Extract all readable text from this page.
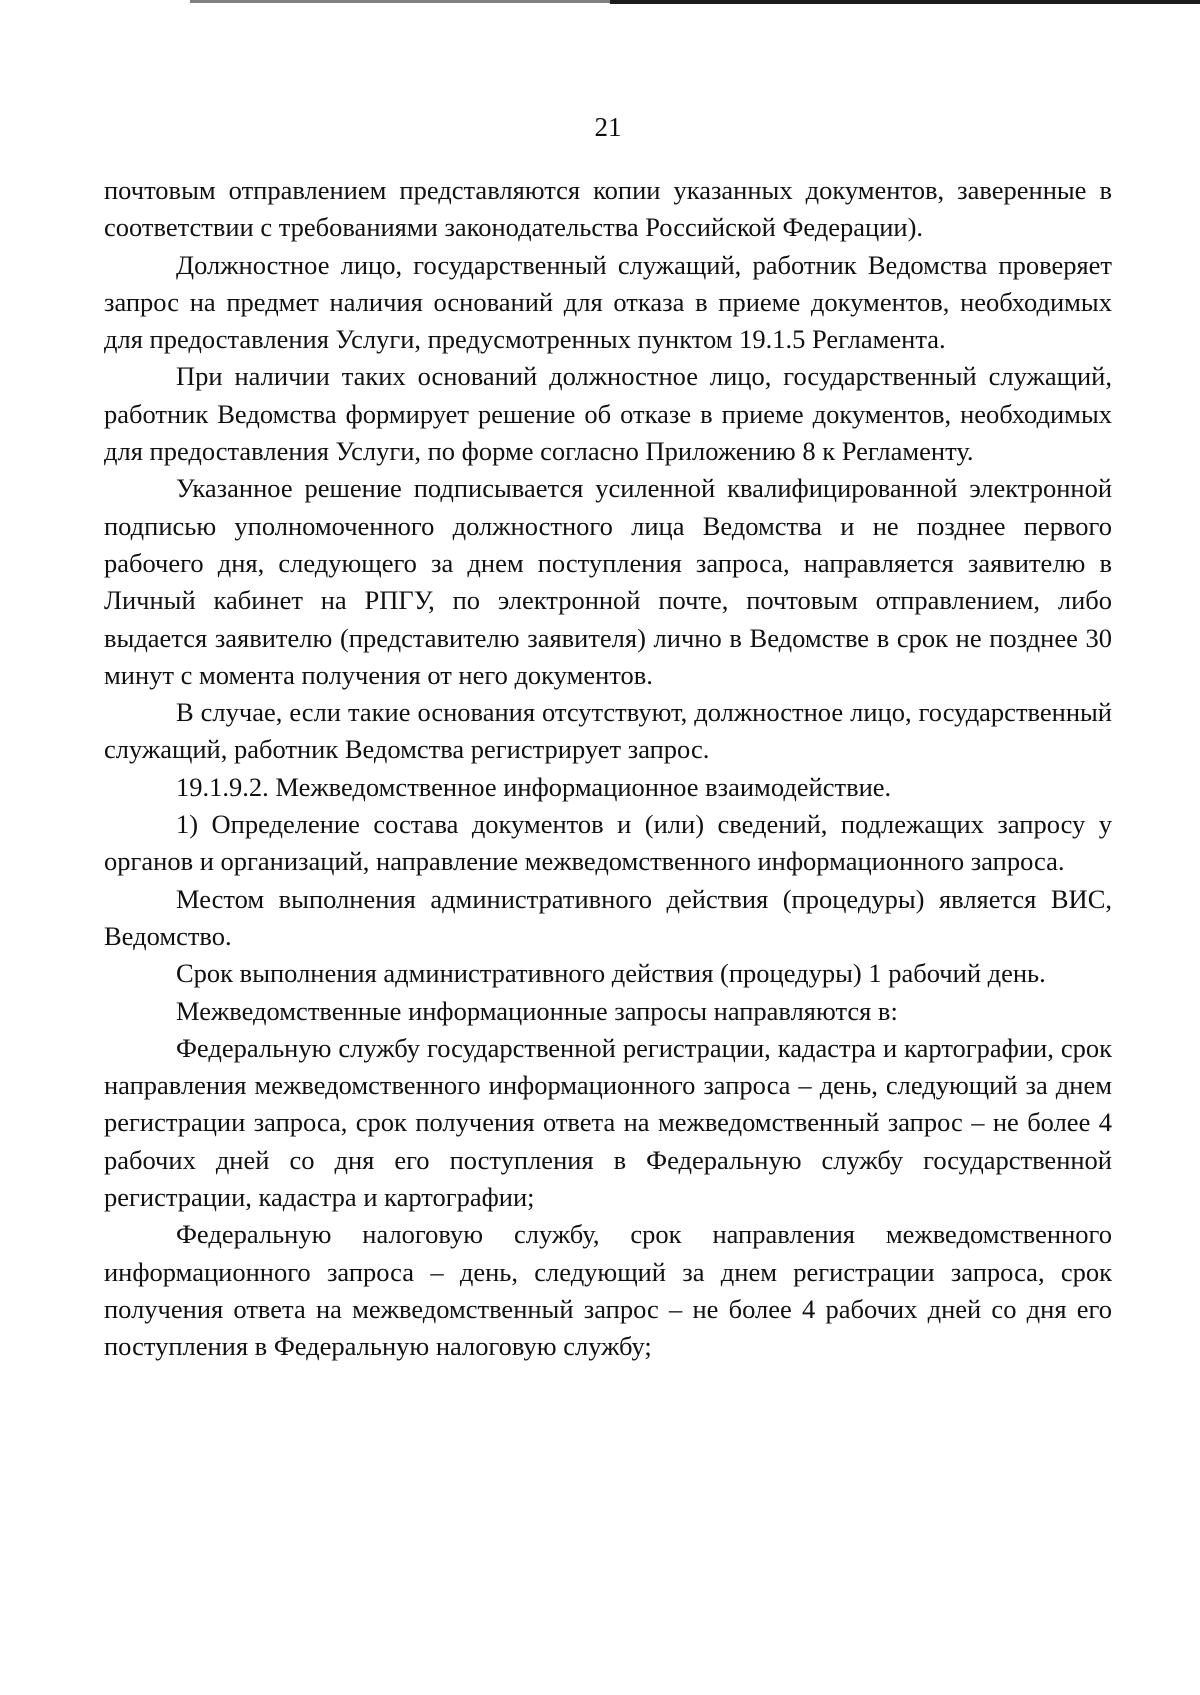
21

почтовым отправлением представляются копии указанных документов, заверенные в соответствии с требованиями законодательства Российской Федерации).

Должностное лицо, государственный служащий, работник Ведомства проверяет запрос на предмет наличия оснований для отказа в приеме документов, необходимых для предоставления Услуги, предусмотренных пунктом 19.1.5 Регламента.

При наличии таких оснований должностное лицо, государственный служащий, работник Ведомства формирует решение об отказе в приеме документов, необходимых для предоставления Услуги, по форме согласно Приложению 8 к Регламенту.

Указанное решение подписывается усиленной квалифицированной электронной подписью уполномоченного должностного лица Ведомства и не позднее первого рабочего дня, следующего за днем поступления запроса, направляется заявителю в Личный кабинет на РПГУ, по электронной почте, почтовым отправлением, либо выдается заявителю (представителю заявителя) лично в Ведомстве в срок не позднее 30 минут с момента получения от него документов.

В случае, если такие основания отсутствуют, должностное лицо, государственный служащий, работник Ведомства регистрирует запрос.

19.1.9.2. Межведомственное информационное взаимодействие.

1) Определение состава документов и (или) сведений, подлежащих запросу у органов и организаций, направление межведомственного информационного запроса.

Местом выполнения административного действия (процедуры) является ВИС, Ведомство.

Срок выполнения административного действия (процедуры) 1 рабочий день.

Межведомственные информационные запросы направляются в:

Федеральную службу государственной регистрации, кадастра и картографии, срок направления межведомственного информационного запроса – день, следующий за днем регистрации запроса, срок получения ответа на межведомственный запрос – не более 4 рабочих дней со дня его поступления в Федеральную службу государственной регистрации, кадастра и картографии;

Федеральную налоговую службу, срок направления межведомственного информационного запроса – день, следующий за днем регистрации запроса, срок получения ответа на межведомственный запрос – не более 4 рабочих дней со дня его поступления в Федеральную налоговую службу;
